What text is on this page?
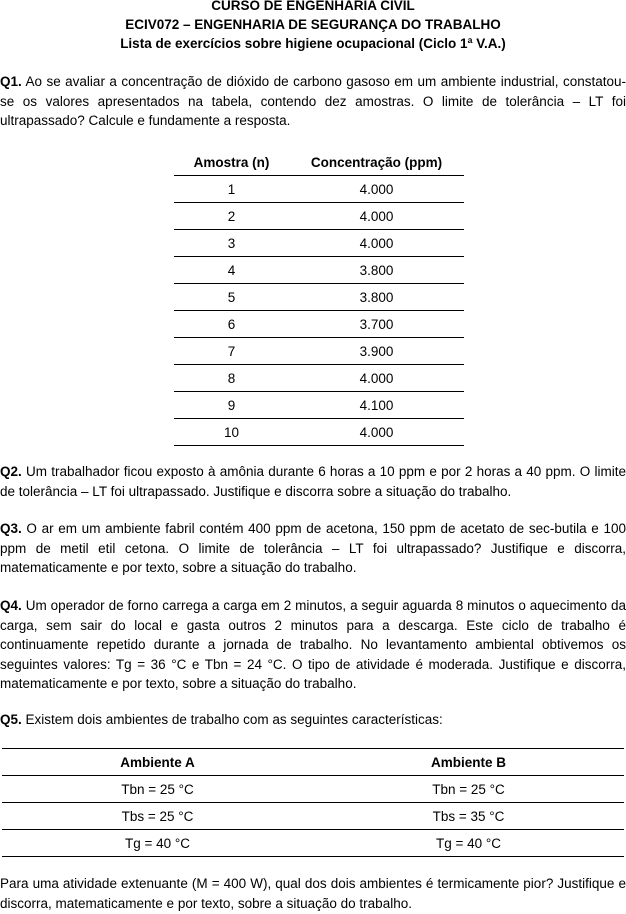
CURSO DE ENGENHARIA CIVIL
ECIV072 – ENGENHARIA DE SEGURANÇA DO TRABALHO
Lista de exercícios sobre higiene ocupacional (Ciclo 1ª V.A.)
Q1. Ao se avaliar a concentração de dióxido de carbono gasoso em um ambiente industrial, constatou-se os valores apresentados na tabela, contendo dez amostras. O limite de tolerância – LT foi ultrapassado? Calcule e fundamente a resposta.
Amostra (n)	Concentração (ppm)
1	4.000
2	4.000
3	4.000
4	3.800
5	3.800
6	3.700
7	3.900
8	4.000
9	4.100
10	4.000
Q2. Um trabalhador ficou exposto à amônia durante 6 horas a 10 ppm e por 2 horas a 40 ppm. O limite de tolerância – LT foi ultrapassado. Justifique e discorra sobre a situação do trabalho.
Q3. O ar em um ambiente fabril contém 400 ppm de acetona, 150 ppm de acetato de sec-butila e 100 ppm de metil etil cetona. O limite de tolerância – LT foi ultrapassado? Justifique e discorra, matematicamente e por texto, sobre a situação do trabalho.
Q4. Um operador de forno carrega a carga em 2 minutos, a seguir aguarda 8 minutos o aquecimento da carga, sem sair do local e gasta outros 2 minutos para a descarga. Este ciclo de trabalho é continuamente repetido durante a jornada de trabalho. No levantamento ambiental obtivemos os seguintes valores: Tg = 36 °C e Tbn = 24 °C. O tipo de atividade é moderada. Justifique e discorra, matematicamente e por texto, sobre a situação do trabalho.
Q5. Existem dois ambientes de trabalho com as seguintes características:
Ambiente A	Ambiente B
Tbn = 25 °C	Tbn = 25 °C
Tbs = 25 °C	Tbs = 35 °C
Tg = 40 °C	Tg = 40 °C
Para uma atividade extenuante (M = 400 W), qual dos dois ambientes é termicamente pior? Justifique e discorra, matematicamente e por texto, sobre a situação do trabalho.
